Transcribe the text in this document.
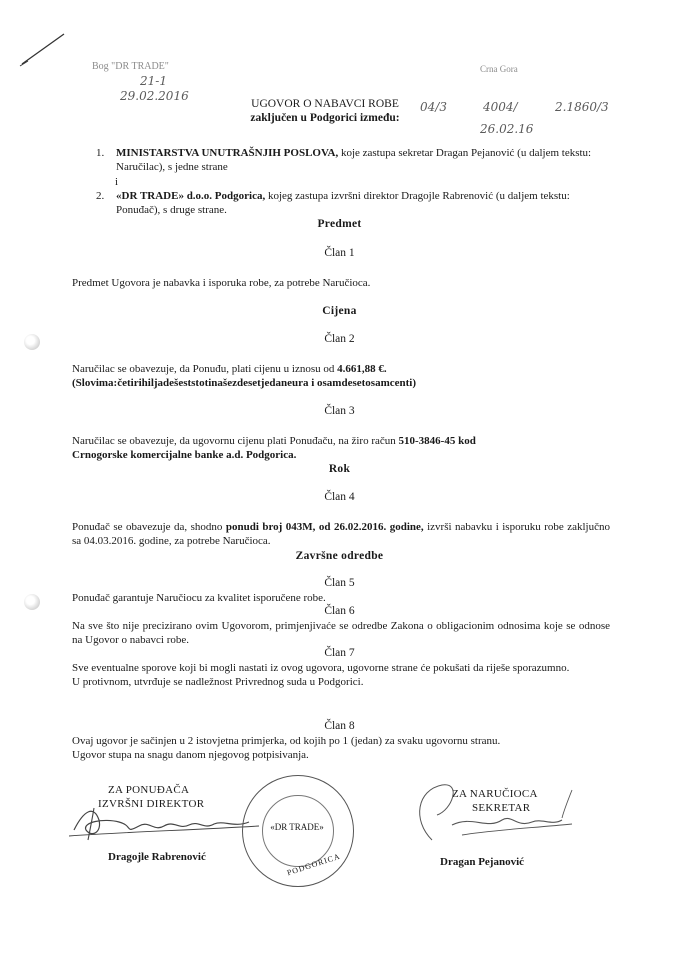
Bog "DR TRADE"
21-1
29.02.2016
Crna Gora
04/3	4004/	2.1860/3
26.02.16
UGOVOR O NABAVCI ROBE
zaključen u Podgorici između:
1. MINISTARSTVA UNUTRAŠNJIH POSLOVA, koje zastupa sekretar Dragan Pejanović (u daljem tekstu: Naručilac), s jedne strane
i
2. «DR TRADE» d.o.o. Podgorica, kojeg zastupa izvršni direktor Dragojle Rabrenović (u daljem tekstu: Ponuđač), s druge strane.
Predmet
Član 1
Predmet Ugovora je nabavka i isporuka robe, za potrebe Naručioca.
Cijena
Član 2
Naručilac se obavezuje, da Ponuđu, plati cijenu u iznosu od 4.661,88 €.
(Slovima:četirihiljadešeststotinašezdesetjedaneura i osamdesetosamcenti)
Član 3
Naručilac se obavezuje, da ugovornu cijenu plati Ponuđaču, na žiro račun 510-3846-45 kod
Crnogorske komercijalne banke a.d. Podgorica.
Rok
Član 4
Ponuđač se obavezuje da, shodno ponudi broj 043M, od 26.02.2016. godine, izvrši nabavku i isporuku robe zaključno sa 04.03.2016. godine, za potrebe Naručioca.
Završne odredbe
Član 5
Ponuđač garantuje Naručiocu za kvalitet isporučene robe.
Član 6
Na sve što nije precizirano ovim Ugovorom, primjenjivaće se odredbe Zakona o obligacionim odnosima koje se odnose na Ugovor o nabavci robe.
Član 7
Sve eventualne sporove koji bi mogli nastati iz ovog ugovora, ugovorne strane će pokušati da riješe sporazumno.
U protivnom, utvrđuje se nadležnost Privrednog suda u Podgorici.
Član 8
Ovaj ugovor je sačinjen u 2 istovjetna primjerka, od kojih po 1 (jedan) za svaku ugovornu stranu.
Ugovor stupa na snagu danom njegovog potpisivanja.
ZA PONUĐAČA
IZVRŠNI DIREKTOR
Dragojle Rabrenović
«DR TRADE»
PODGORICA
ZA NARUČIOCA
SEKRETAR
Dragan Pejanović
